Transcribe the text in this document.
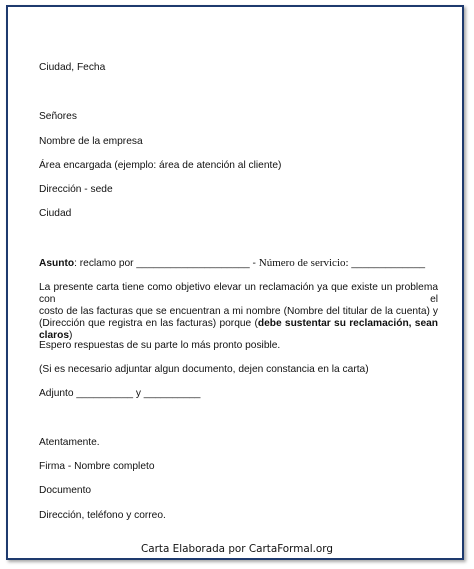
Ciudad, Fecha
Señores
Nombre de la empresa
Área encargada (ejemplo: área de atención al cliente)
Dirección - sede
Ciudad
Asunto: reclamo por ____________________ - Número de servicio: _____________
La presente carta tiene como objetivo elevar un reclamación ya que existe un problema con el
costo de las facturas que se encuentran a mi nombre (Nombre del titular de la cuenta) y
(Dirección que registra en las facturas) porque (debe sustentar su reclamación, sean
claros)
Espero respuestas de su parte lo más pronto posible.
(Si es necesario adjuntar algun documento, dejen constancia en la carta)
Adjunto __________ y __________
Atentamente.
Firma - Nombre completo
Documento
Dirección, teléfono y correo.
Carta Elaborada por CartaFormal.org
